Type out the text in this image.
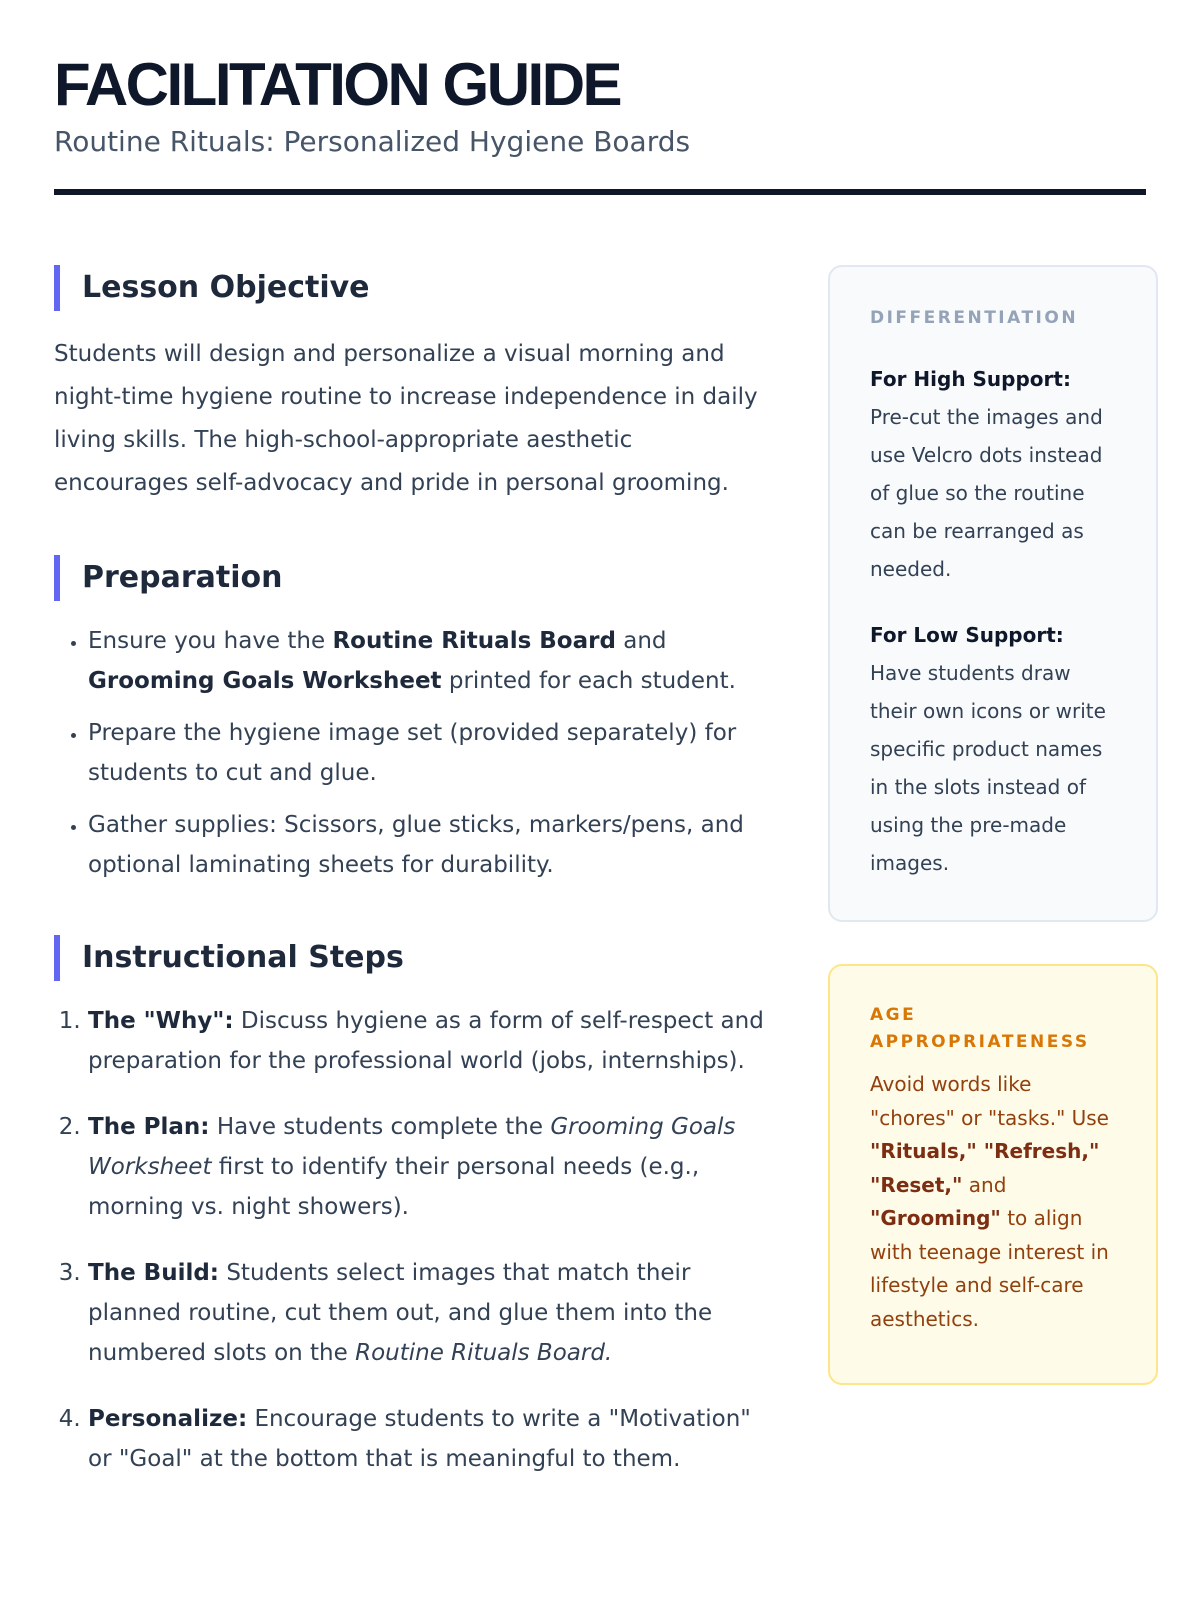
FACILITATION GUIDE
Routine Rituals: Personalized Hygiene Boards
Lesson Objective

Students will design and personalize a visual morning and night-time hygiene routine to increase independence in daily living skills. The high-school-appropriate aesthetic encourages self-advocacy and pride in personal grooming.

Preparation
• Ensure you have the Routine Rituals Board and Grooming Goals Worksheet printed for each student.
• Prepare the hygiene image set (provided separately) for students to cut and glue.
• Gather supplies: Scissors, glue sticks, markers/pens, and optional laminating sheets for durability.
Instructional Steps
1. The "Why": Discuss hygiene as a form of self-respect and preparation for the professional world (jobs, internships).
2. The Plan: Have students complete the Grooming Goals Worksheet first to identify their personal needs (e.g., morning vs. night showers).
3. The Build: Students select images that match their planned routine, cut them out, and glue them into the numbered slots on the Routine Rituals Board.
4. Personalize: Encourage students to write a "Motivation" or "Goal" at the bottom that is meaningful to them.
DIFFERENTIATION
For High Support:
Pre-cut the images and use Velcro dots instead of glue so the routine can be rearranged as needed.
For Low Support:
Have students draw their own icons or write specific product names in the slots instead of using the pre-made images.
AGE APPROPRIATENESS
Avoid words like "chores" or "tasks." Use "Rituals," "Refresh," "Reset," and "Grooming" to align with teenage interest in lifestyle and self-care aesthetics.
